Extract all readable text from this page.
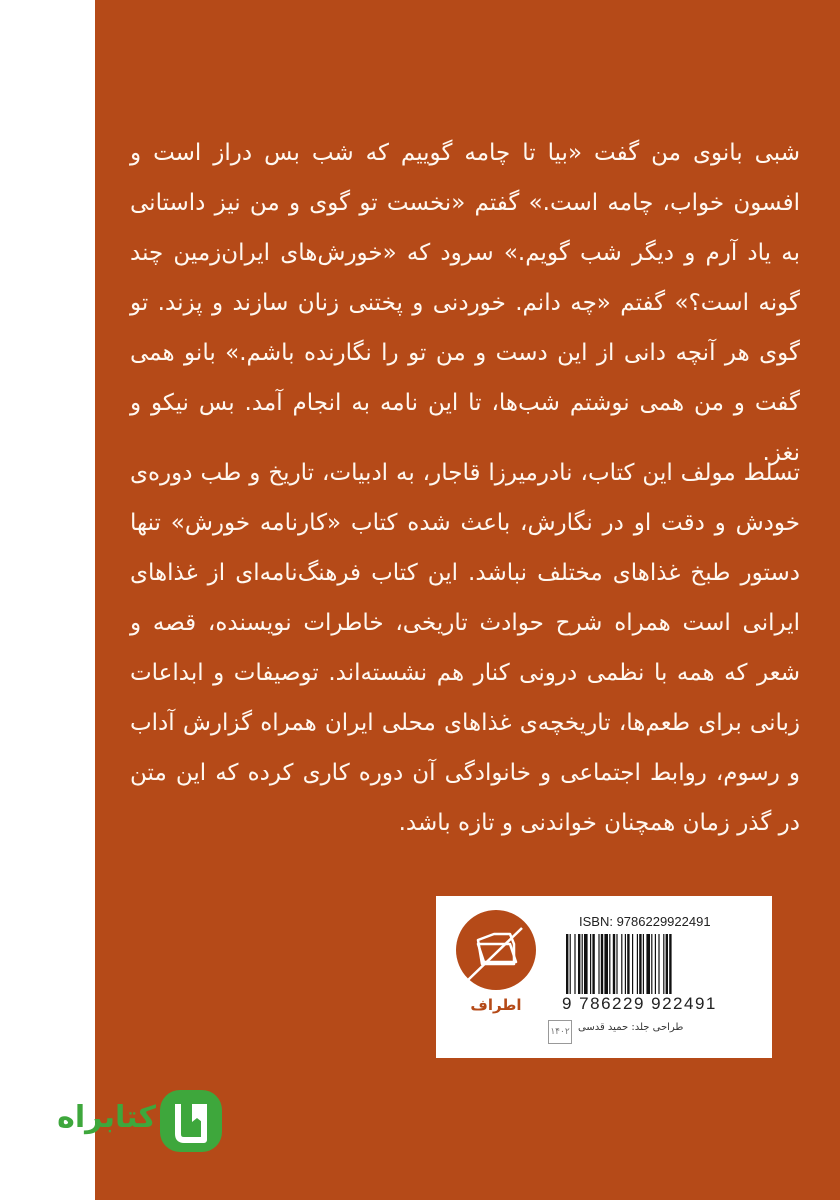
شبی بانوی من گفت «بیا تا چامه گوییم که شب بس دراز است و افسون خواب، چامه است.» گفتم «نخست تو گوی و من نیز داستانی به یاد آرم و دیگر شب گویم.» سرود که «خورش‌های ایران‌زمین چند گونه است؟» گفتم «چه دانم. خوردنی و پختنی زنان سازند و پزند. تو گوی هر آنچه دانی از این دست و من تو را نگارنده باشم.» بانو همی گفت و من همی نوشتم شب‌ها، تا این نامه به انجام آمد. بس نیکو و نغز.

تسلط مولف این کتاب، نادرمیرزا قاجار، به ادبیات، تاریخ و طب دوره‌ی خودش و دقت او در نگارش، باعث شده کتاب «کارنامه‌ خورش» تنها دستور طبخ غذاهای مختلف نباشد. این کتاب فرهنگ‌نامه‌ای از غذاهای ایرانی است همراه شرح حوادث تاریخی، خاطرات نویسنده، قصه و شعر که همه با نظمی درونی کنار هم نشسته‌اند. توصیفات و ابداعات زبانی برای طعم‌ها، تاریخچه‌ی غذاهای محلی ایران همراه گزارش آداب و رسوم، روابط اجتماعی و خانوادگی آن دوره کاری کرده که این متن در گذر زمان همچنان خواندنی و تازه باشد.

اطراف
ISBN: 9786229922491
9 786229 922491
۱۴۰۲ طراحی جلد: حمید قدسی
کتابراه
